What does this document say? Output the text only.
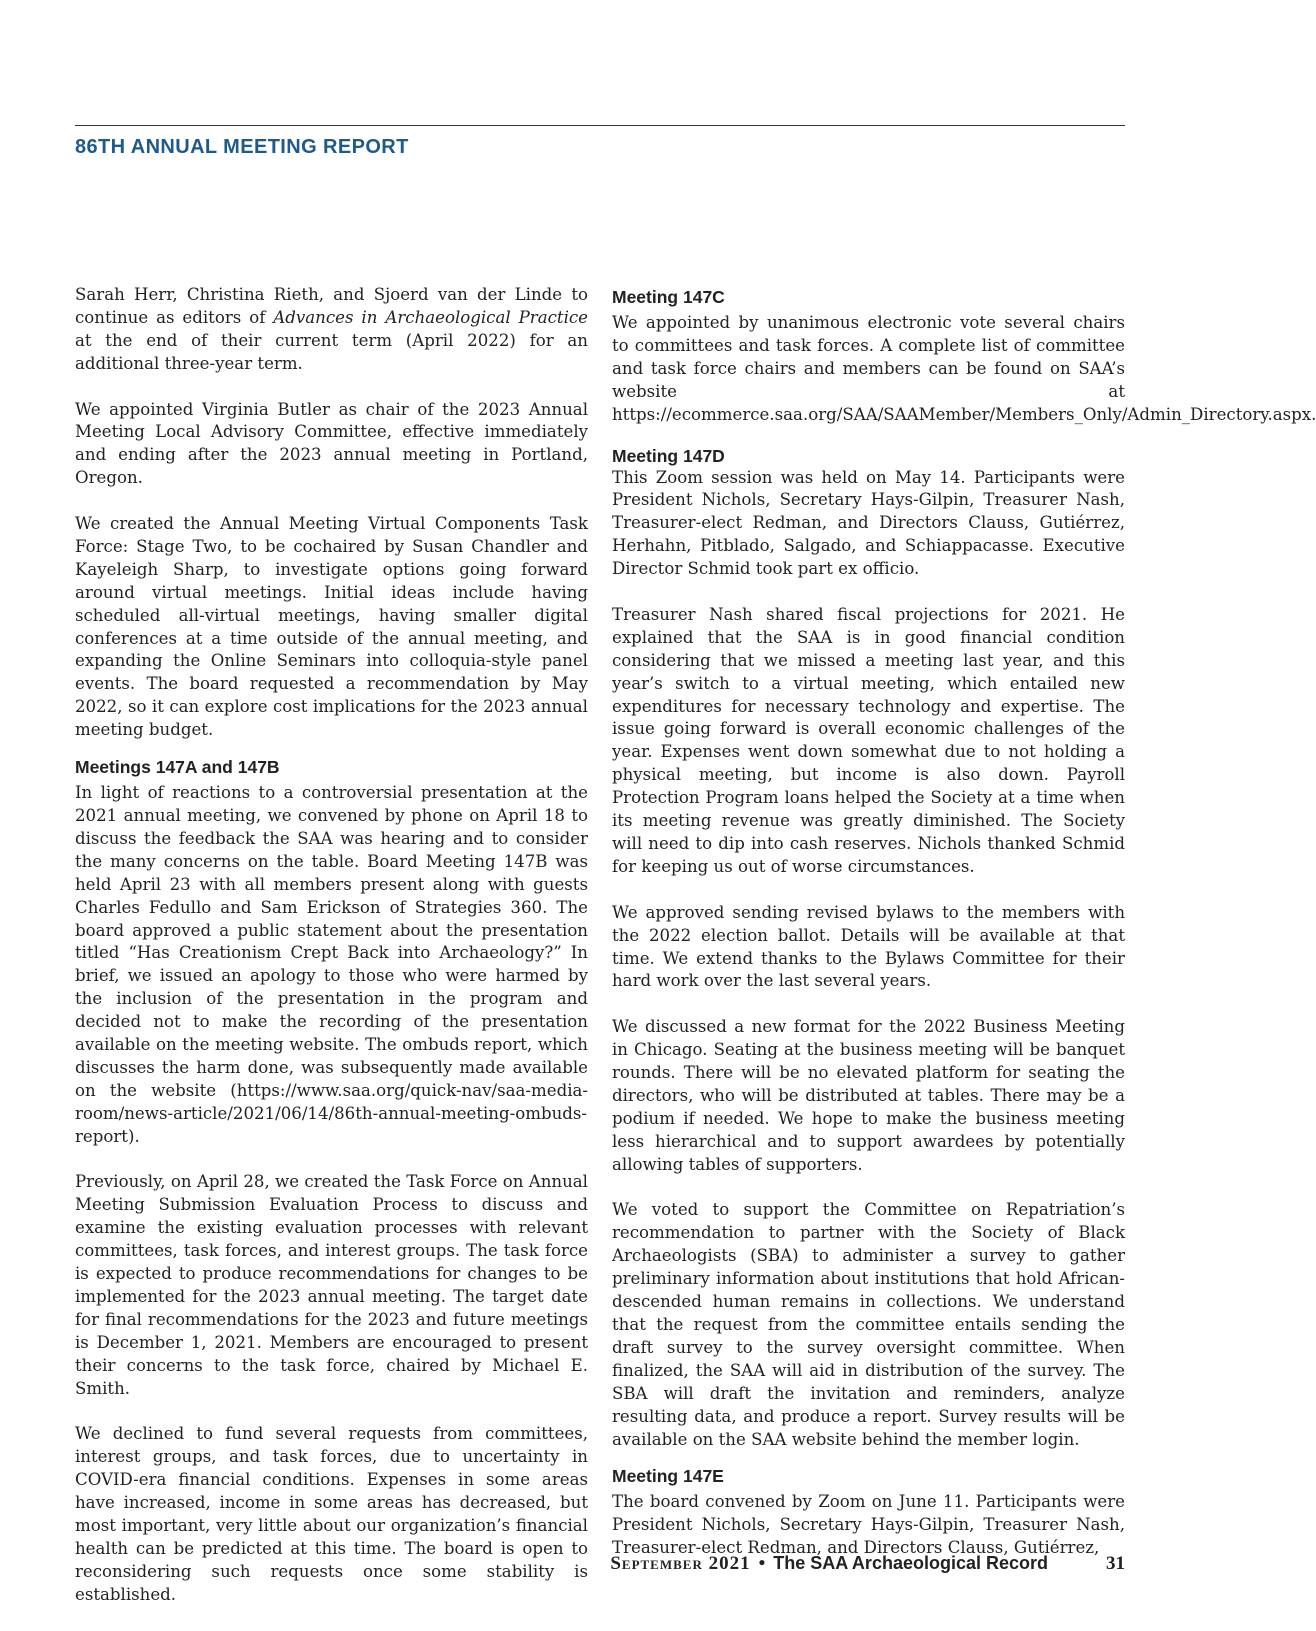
86TH ANNUAL MEETING REPORT

Sarah Herr, Christina Rieth, and Sjoerd van der Linde to continue as editors of Advances in Archaeological Practice at the end of their current term (April 2022) for an additional three-year term.

We appointed Virginia Butler as chair of the 2023 Annual Meeting Local Advisory Committee, effective immediately and ending after the 2023 annual meeting in Portland, Oregon.

We created the Annual Meeting Virtual Components Task Force: Stage Two, to be cochaired by Susan Chandler and Kayeleigh Sharp, to investigate options going forward around virtual meetings. Initial ideas include having scheduled all-virtual meetings, having smaller digital conferences at a time outside of the annual meeting, and expanding the Online Seminars into colloquia-style panel events. The board requested a recommendation by May 2022, so it can explore cost implications for the 2023 annual meeting budget.

Meetings 147A and 147B

In light of reactions to a controversial presentation at the 2021 annual meeting, we convened by phone on April 18 to discuss the feedback the SAA was hearing and to consider the many concerns on the table. Board Meeting 147B was held April 23 with all members present along with guests Charles Fedullo and Sam Erickson of Strategies 360. The board approved a public statement about the presentation titled “Has Creationism Crept Back into Archaeology?” In brief, we issued an apology to those who were harmed by the inclusion of the presentation in the program and decided not to make the recording of the presentation available on the meeting website. The ombuds report, which discusses the harm done, was subsequently made available on the website (https://www.saa.org/quick-nav/saa-media-room/news-article/2021/06/14/86th-annual-meeting-ombuds-report).

Previously, on April 28, we created the Task Force on Annual Meeting Submission Evaluation Process to discuss and examine the existing evaluation processes with relevant committees, task forces, and interest groups. The task force is expected to produce recommendations for changes to be implemented for the 2023 annual meeting. The target date for final recommendations for the 2023 and future meetings is December 1, 2021. Members are encouraged to present their concerns to the task force, chaired by Michael E. Smith.

We declined to fund several requests from committees, interest groups, and task forces, due to uncertainty in COVID-era financial conditions. Expenses in some areas have increased, income in some areas has decreased, but most important, very little about our organization’s financial health can be predicted at this time. The board is open to reconsidering such requests once some stability is established.

Meeting 147C

We appointed by unanimous electronic vote several chairs to committees and task forces. A complete list of committee and task force chairs and members can be found on SAA’s website at https://ecommerce.saa.org/SAA/SAAMember/Members_Only/Admin_Directory.aspx.

Meeting 147D

This Zoom session was held on May 14. Participants were President Nichols, Secretary Hays-Gilpin, Treasurer Nash, Treasurer-elect Redman, and Directors Clauss, Gutiérrez, Herhahn, Pitblado, Salgado, and Schiappacasse. Executive Director Schmid took part ex officio.

Treasurer Nash shared fiscal projections for 2021. He explained that the SAA is in good financial condition considering that we missed a meeting last year, and this year’s switch to a virtual meeting, which entailed new expenditures for necessary technology and expertise. The issue going forward is overall economic challenges of the year. Expenses went down somewhat due to not holding a physical meeting, but income is also down. Payroll Protection Program loans helped the Society at a time when its meeting revenue was greatly diminished. The Society will need to dip into cash reserves. Nichols thanked Schmid for keeping us out of worse circumstances.

We approved sending revised bylaws to the members with the 2022 election ballot. Details will be available at that time. We extend thanks to the Bylaws Committee for their hard work over the last several years.

We discussed a new format for the 2022 Business Meeting in Chicago. Seating at the business meeting will be banquet rounds. There will be no elevated platform for seating the directors, who will be distributed at tables. There may be a podium if needed. We hope to make the business meeting less hierarchical and to support awardees by potentially allowing tables of supporters.

We voted to support the Committee on Repatriation’s recommendation to partner with the Society of Black Archaeologists (SBA) to administer a survey to gather preliminary information about institutions that hold African-descended human remains in collections. We understand that the request from the committee entails sending the draft survey to the survey oversight committee. When finalized, the SAA will aid in distribution of the survey. The SBA will draft the invitation and reminders, analyze resulting data, and produce a report. Survey results will be available on the SAA website behind the member login.

Meeting 147E

The board convened by Zoom on June 11. Participants were President Nichols, Secretary Hays-Gilpin, Treasurer Nash, Treasurer-elect Redman, and Directors Clauss, Gutiérrez,

September 2021 • The SAA Archaeological Record	31
